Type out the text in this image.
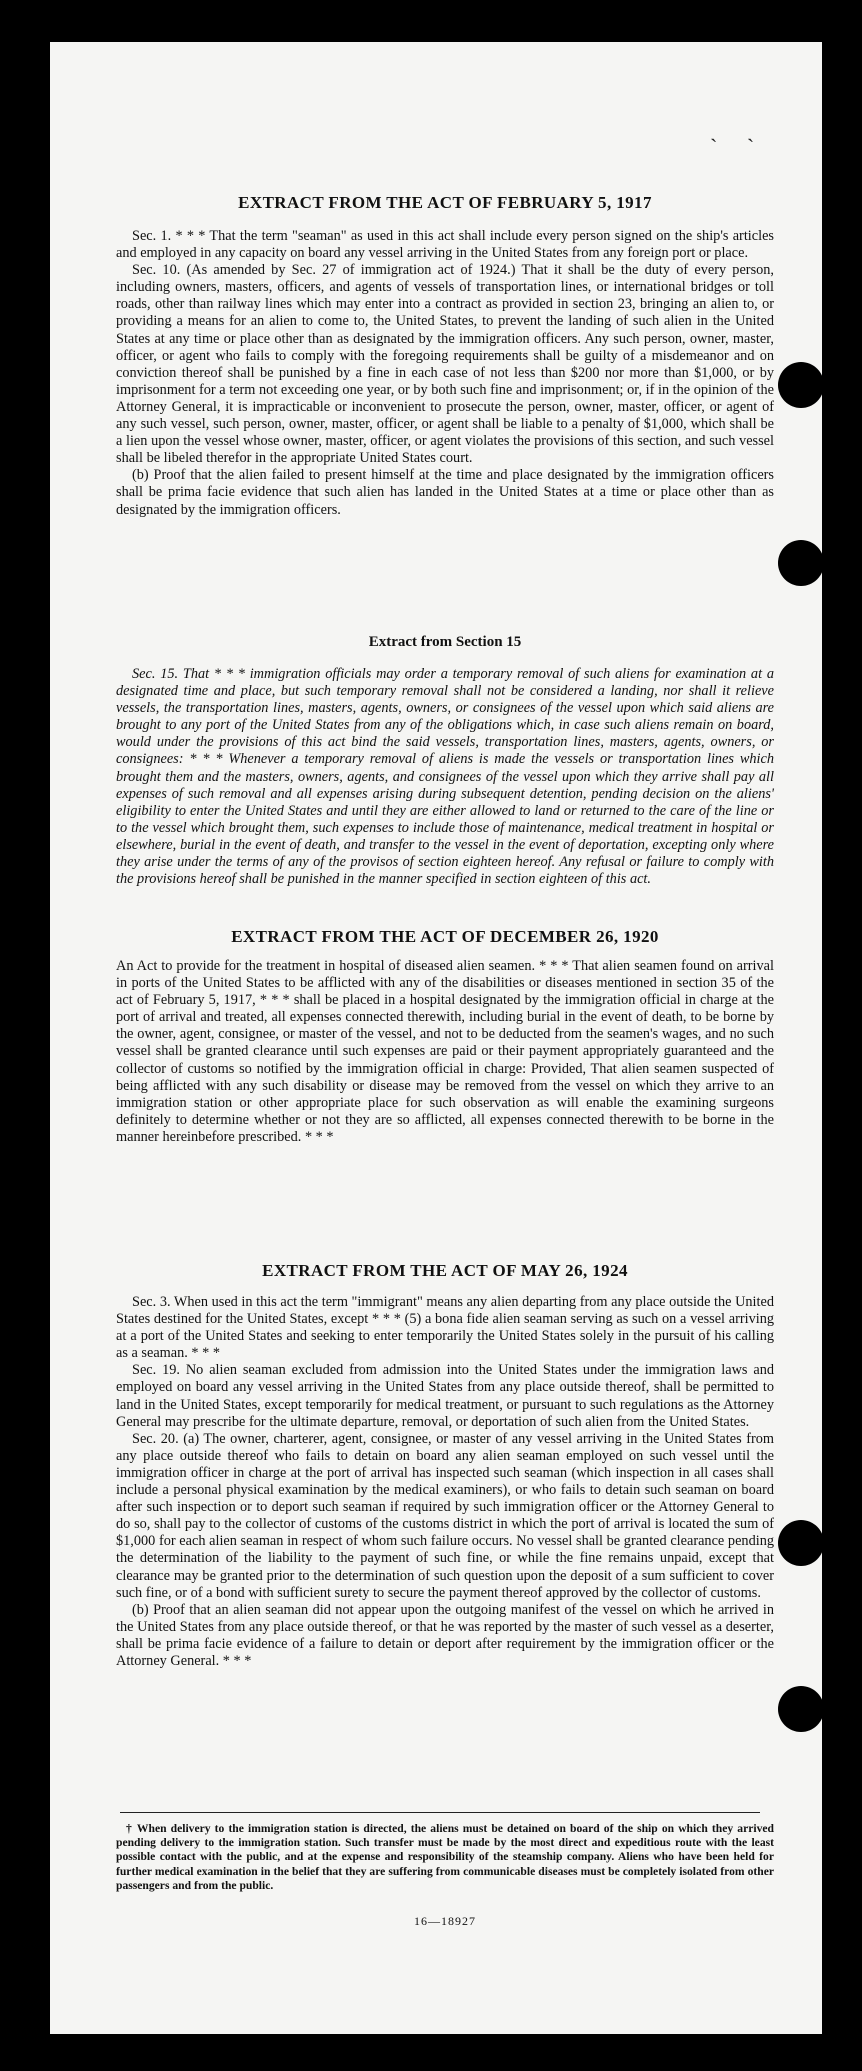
` `

EXTRACT FROM THE ACT OF FEBRUARY 5, 1917

Sec. 1. * * * That the term "seaman" as used in this act shall include every person signed on the ship's articles and employed in any capacity on board any vessel arriving in the United States from any foreign port or place.

Sec. 10. (As amended by Sec. 27 of immigration act of 1924.) That it shall be the duty of every person, including owners, masters, officers, and agents of vessels of transportation lines, or international bridges or toll roads, other than railway lines which may enter into a contract as provided in section 23, bringing an alien to, or providing a means for an alien to come to, the United States, to prevent the landing of such alien in the United States at any time or place other than as designated by the immigration officers. Any such person, owner, master, officer, or agent who fails to comply with the foregoing requirements shall be guilty of a misdemeanor and on conviction thereof shall be punished by a fine in each case of not less than $200 nor more than $1,000, or by imprisonment for a term not exceeding one year, or by both such fine and imprisonment; or, if in the opinion of the Attorney General, it is impracticable or inconvenient to prosecute the person, owner, master, officer, or agent of any such vessel, such person, owner, master, officer, or agent shall be liable to a penalty of $1,000, which shall be a lien upon the vessel whose owner, master, officer, or agent violates the provisions of this section, and such vessel shall be libeled therefor in the appropriate United States court.

(b) Proof that the alien failed to present himself at the time and place designated by the immigration officers shall be prima facie evidence that such alien has landed in the United States at a time or place other than as designated by the immigration officers.

Extract from Section 15

Sec. 15. That * * * immigration officials may order a temporary removal of such aliens for examination at a designated time and place, but such temporary removal shall not be considered a landing, nor shall it relieve vessels, the transportation lines, masters, agents, owners, or consignees of the vessel upon which said aliens are brought to any port of the United States from any of the obligations which, in case such aliens remain on board, would under the provisions of this act bind the said vessels, transportation lines, masters, agents, owners, or consignees: * * * Whenever a temporary removal of aliens is made the vessels or transportation lines which brought them and the masters, owners, agents, and consignees of the vessel upon which they arrive shall pay all expenses of such removal and all expenses arising during subsequent detention, pending decision on the aliens' eligibility to enter the United States and until they are either allowed to land or returned to the care of the line or to the vessel which brought them, such expenses to include those of maintenance, medical treatment in hospital or elsewhere, burial in the event of death, and transfer to the vessel in the event of deportation, excepting only where they arise under the terms of any of the provisos of section eighteen hereof. Any refusal or failure to comply with the provisions hereof shall be punished in the manner specified in section eighteen of this act.

EXTRACT FROM THE ACT OF DECEMBER 26, 1920

An Act to provide for the treatment in hospital of diseased alien seamen. * * * That alien seamen found on arrival in ports of the United States to be afflicted with any of the disabilities or diseases mentioned in section 35 of the act of February 5, 1917, * * * shall be placed in a hospital designated by the immigration official in charge at the port of arrival and treated, all expenses connected therewith, including burial in the event of death, to be borne by the owner, agent, consignee, or master of the vessel, and not to be deducted from the seamen's wages, and no such vessel shall be granted clearance until such expenses are paid or their payment appropriately guaranteed and the collector of customs so notified by the immigration official in charge: Provided, That alien seamen suspected of being afflicted with any such disability or disease may be removed from the vessel on which they arrive to an immigration station or other appropriate place for such observation as will enable the examining surgeons definitely to determine whether or not they are so afflicted, all expenses connected therewith to be borne in the manner hereinbefore prescribed. * * *

EXTRACT FROM THE ACT OF MAY 26, 1924

Sec. 3. When used in this act the term "immigrant" means any alien departing from any place outside the United States destined for the United States, except * * * (5) a bona fide alien seaman serving as such on a vessel arriving at a port of the United States and seeking to enter temporarily the United States solely in the pursuit of his calling as a seaman. * * *

Sec. 19. No alien seaman excluded from admission into the United States under the immigration laws and employed on board any vessel arriving in the United States from any place outside thereof, shall be permitted to land in the United States, except temporarily for medical treatment, or pursuant to such regulations as the Attorney General may prescribe for the ultimate departure, removal, or deportation of such alien from the United States.

Sec. 20. (a) The owner, charterer, agent, consignee, or master of any vessel arriving in the United States from any place outside thereof who fails to detain on board any alien seaman employed on such vessel until the immigration officer in charge at the port of arrival has inspected such seaman (which inspection in all cases shall include a personal physical examination by the medical examiners), or who fails to detain such seaman on board after such inspection or to deport such seaman if required by such immigration officer or the Attorney General to do so, shall pay to the collector of customs of the customs district in which the port of arrival is located the sum of $1,000 for each alien seaman in respect of whom such failure occurs. No vessel shall be granted clearance pending the determination of the liability to the payment of such fine, or while the fine remains unpaid, except that clearance may be granted prior to the determination of such question upon the deposit of a sum sufficient to cover such fine, or of a bond with sufficient surety to secure the payment thereof approved by the collector of customs.

(b) Proof that an alien seaman did not appear upon the outgoing manifest of the vessel on which he arrived in the United States from any place outside thereof, or that he was reported by the master of such vessel as a deserter, shall be prima facie evidence of a failure to detain or deport after requirement by the immigration officer or the Attorney General. * * *

† When delivery to the immigration station is directed, the aliens must be detained on board of the ship on which they arrived pending delivery to the immigration station. Such transfer must be made by the most direct and expeditious route with the least possible contact with the public, and at the expense and responsibility of the steamship company. Aliens who have been held for further medical examination in the belief that they are suffering from communicable diseases must be completely isolated from other passengers and from the public.

16—18927
